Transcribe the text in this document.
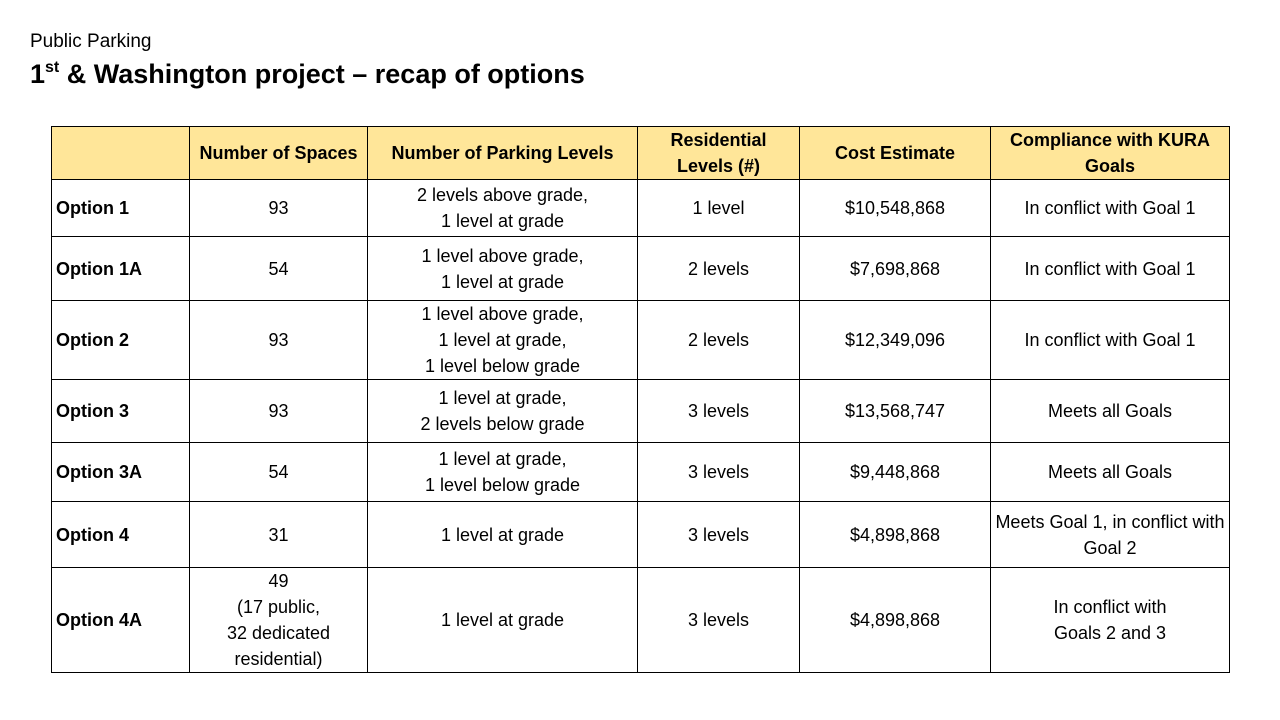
Public Parking
1st & Washington project – recap of options
	Number of Spaces	Number of Parking Levels	Residential Levels (#)	Cost Estimate	Compliance with KURA Goals
Option 1	93	2 levels above grade,
1 level at grade	1 level	$10,548,868	In conflict with Goal 1
Option 1A	54	1 level above grade,
1 level at grade	2 levels	$7,698,868	In conflict with Goal 1
Option 2	93	1 level above grade,
1 level at grade,
1 level below grade	2 levels	$12,349,096	In conflict with Goal 1
Option 3	93	1 level at grade,
2 levels below grade	3 levels	$13,568,747	Meets all Goals
Option 3A	54	1 level at grade,
1 level below grade	3 levels	$9,448,868	Meets all Goals
Option 4	31	1 level at grade	3 levels	$4,898,868	Meets Goal 1, in conflict with Goal 2
Option 4A	49
(17 public,
32 dedicated
residential)	1 level at grade	3 levels	$4,898,868	In conflict with
Goals 2 and 3
